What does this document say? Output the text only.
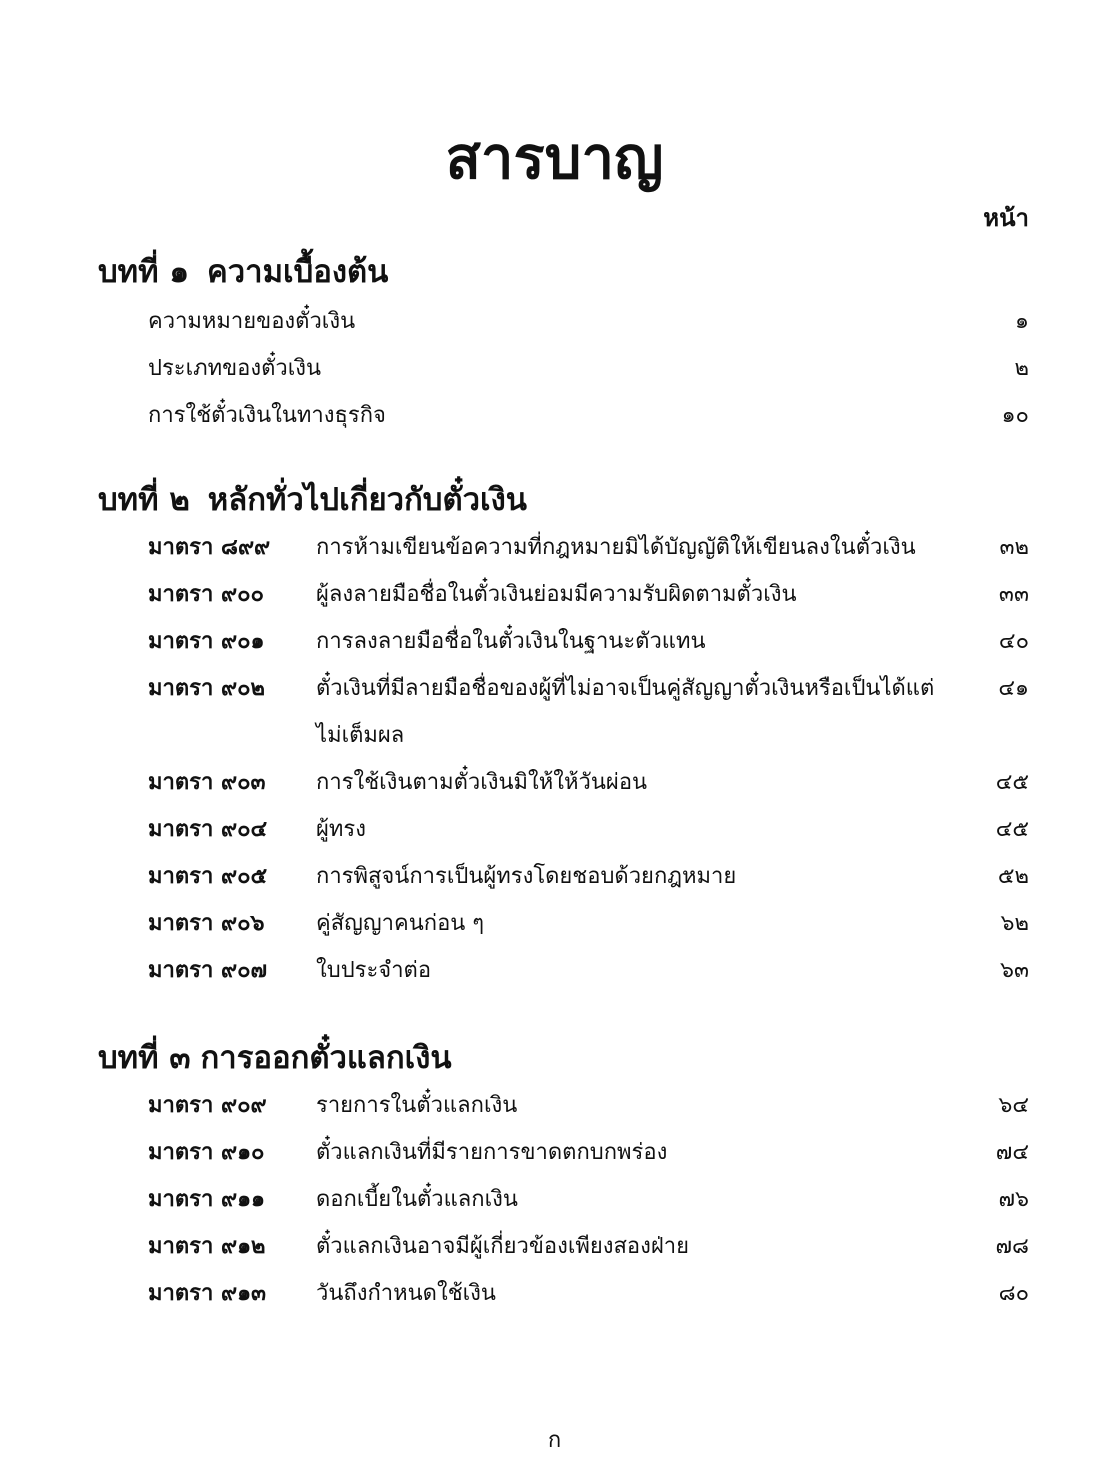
สารบาญ
หน้า
บทที่ ๑ ความเบื้องต้น
ความหมายของตั๋วเงิน	๑
ประเภทของตั๋วเงิน	๒
การใช้ตั๋วเงินในทางธุรกิจ	๑๐
บทที่ ๒ หลักทั่วไปเกี่ยวกับตั๋วเงิน
มาตรา ๘๙๙ การห้ามเขียนข้อความที่กฎหมายมิได้บัญญัติให้เขียนลงในตั๋วเงิน	๓๒
มาตรา ๙๐๐ ผู้ลงลายมือชื่อในตั๋วเงินย่อมมีความรับผิดตามตั๋วเงิน	๓๓
มาตรา ๙๐๑ การลงลายมือชื่อในตั๋วเงินในฐานะตัวแทน	๔๐
มาตรา ๙๐๒ ตั๋วเงินที่มีลายมือชื่อของผู้ที่ไม่อาจเป็นคู่สัญญาตั๋วเงินหรือเป็นได้แต่	๔๑
ไม่เต็มผล
มาตรา ๙๐๓ การใช้เงินตามตั๋วเงินมิให้ให้วันผ่อน	๔๕
มาตรา ๙๐๔ ผู้ทรง	๔๕
มาตรา ๙๐๕ การพิสูจน์การเป็นผู้ทรงโดยชอบด้วยกฎหมาย	๕๒
มาตรา ๙๐๖ คู่สัญญาคนก่อน ๆ	๖๒
มาตรา ๙๐๗ ใบประจำต่อ	๖๓
บทที่ ๓ การออกตั๋วแลกเงิน
มาตรา ๙๐๙ รายการในตั๋วแลกเงิน	๖๔
มาตรา ๙๑๐ ตั๋วแลกเงินที่มีรายการขาดตกบกพร่อง	๗๔
มาตรา ๙๑๑ ดอกเบี้ยในตั๋วแลกเงิน	๗๖
มาตรา ๙๑๒ ตั๋วแลกเงินอาจมีผู้เกี่ยวข้องเพียงสองฝ่าย	๗๘
มาตรา ๙๑๓ วันถึงกำหนดใช้เงิน	๘๐
ก
